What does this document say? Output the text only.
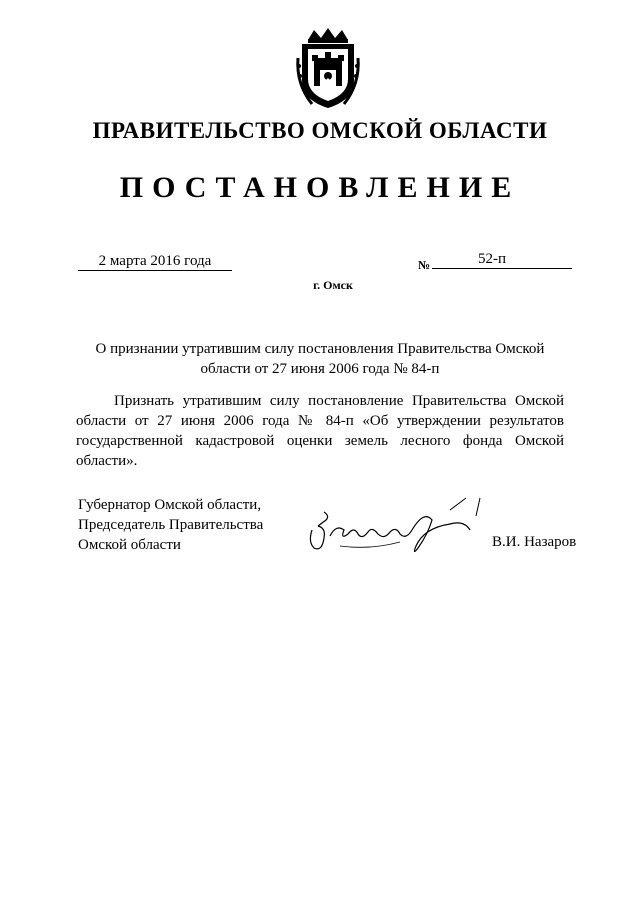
ПРАВИТЕЛЬСТВО ОМСКОЙ ОБЛАСТИ
ПОСТАНОВЛЕНИЕ
2 марта 2016 года	№	52-п
г. Омск
О признании утратившим силу постановления Правительства Омской
области от 27 июня 2006 года № 84-п

Признать утратившим силу постановление Правительства Омской области от 27 июня 2006 года № 84-п «Об утверждении результатов государственной кадастровой оценки земель лесного фонда Омской области».

Губернатор Омской области,
Председатель Правительства
Омской области	В.И. Назаров
